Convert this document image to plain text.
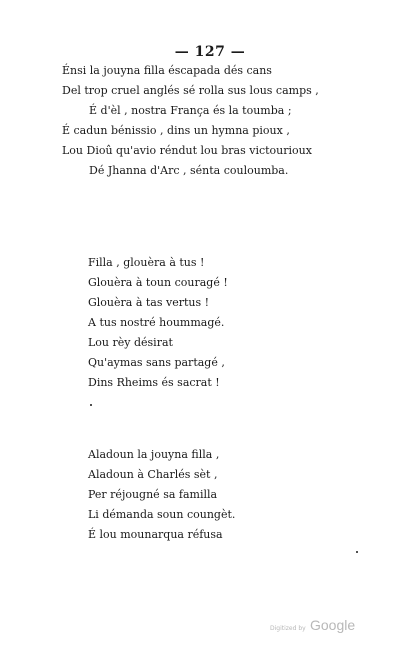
— 127 —
Énsi la jouyna filla éscapada dés cans
Del trop cruel anglés sé rolla sus lous camps ,
É d'èl , nostra França és la toumba ;
É cadun bénissio , dins un hymna pioux ,
Lou Dioû qu'avio réndut lou bras victourioux
Dé Jhanna d'Arc , sénta couloumba.
Filla , glouèra à tus !
Glouèra à toun couragé !
Glouèra à tas vertus !
A tus nostré hoummagé.
Lou rèy désirat
Qu'aymas sans partagé ,
Dins Rheims és sacrat !
Aladoun la jouyna filla ,
Aladoun à Charlés sèt ,
Per réjougné sa familla
Li démanda soun coungèt.
É lou mounarqua réfusa
Digitized by Google
